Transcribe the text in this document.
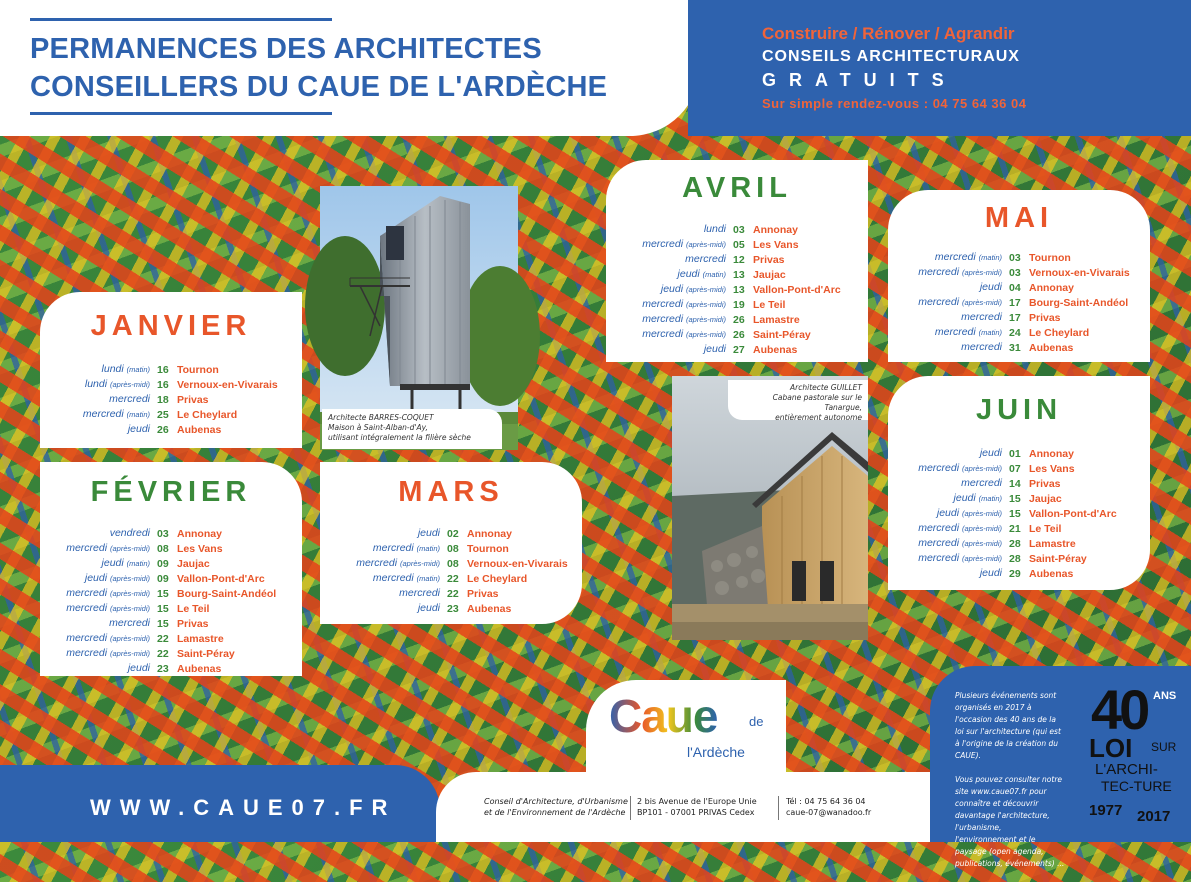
PERMANENCES DES ARCHITECTES
CONSEILLERS DU CAUE DE L'ARDÈCHE
Construire / Rénover / Agrandir
CONSEILS ARCHITECTURAUX
GRATUITS
Sur simple rendez-vous : 04 75 64 36 04
Architecte BARRES-COQUET
Maison à Saint-Alban-d'Ay,
utilisant intégralement la filière sèche
Architecte GUILLET
Cabane pastorale sur le Tanargue,
entièrement autonome
JANVIER
lundi (matin)	16	Tournon
lundi (après-midi)	16	Vernoux-en-Vivarais
mercredi	18	Privas
mercredi (matin)	25	Le Cheylard
jeudi	26	Aubenas
FÉVRIER
vendredi	03	Annonay
mercredi (après-midi)	08	Les Vans
jeudi (matin)	09	Jaujac
jeudi (après-midi)	09	Vallon-Pont-d'Arc
mercredi (après-midi)	15	Bourg-Saint-Andéol
mercredi (après-midi)	15	Le Teil
mercredi	15	Privas
mercredi (après-midi)	22	Lamastre
mercredi (après-midi)	22	Saint-Péray
jeudi	23	Aubenas
MARS
jeudi	02	Annonay
mercredi (matin)	08	Tournon
mercredi (après-midi)	08	Vernoux-en-Vivarais
mercredi (matin)	22	Le Cheylard
mercredi	22	Privas
jeudi	23	Aubenas
AVRIL
lundi	03	Annonay
mercredi (après-midi)	05	Les Vans
mercredi	12	Privas
jeudi (matin)	13	Jaujac
jeudi (après-midi)	13	Vallon-Pont-d'Arc
mercredi (après-midi)	19	Le Teil
mercredi (après-midi)	26	Lamastre
mercredi (après-midi)	26	Saint-Péray
jeudi	27	Aubenas
MAI
mercredi (matin)	03	Tournon
mercredi (après-midi)	03	Vernoux-en-Vivarais
jeudi	04	Annonay
mercredi (après-midi)	17	Bourg-Saint-Andéol
mercredi	17	Privas
mercredi (matin)	24	Le Cheylard
mercredi	31	Aubenas
JUIN
jeudi	01	Annonay
mercredi (après-midi)	07	Les Vans
mercredi	14	Privas
jeudi (matin)	15	Jaujac
jeudi (après-midi)	15	Vallon-Pont-d'Arc
mercredi (après-midi)	21	Le Teil
mercredi (après-midi)	28	Lamastre
mercredi (après-midi)	28	Saint-Péray
jeudi	29	Aubenas
Caue de
l'Ardèche
WWW.CAUE07.FR	Conseil d'Architecture, d'Urbanisme
et de l'Environnement de l'Ardèche
2 bis Avenue de l'Europe Unie
BP101 - 07001 PRIVAS Cedex
Tél : 04 75 64 36 04
caue-07@wanadoo.fr

Plusieurs événements sont organisés en 2017 à l'occasion des 40 ans de la loi sur l'architecture (qui est à l'origine de la création du CAUE).

Vous pouvez consulter notre site www.caue07.fr pour connaître et découvrir davantage l'architecture, l'urbanisme, l'environnement et le paysage (open agenda, publications, événements) ...

40 ANS
LOI SUR
L'ARCHI-
TEC-TURE
1977 2017
